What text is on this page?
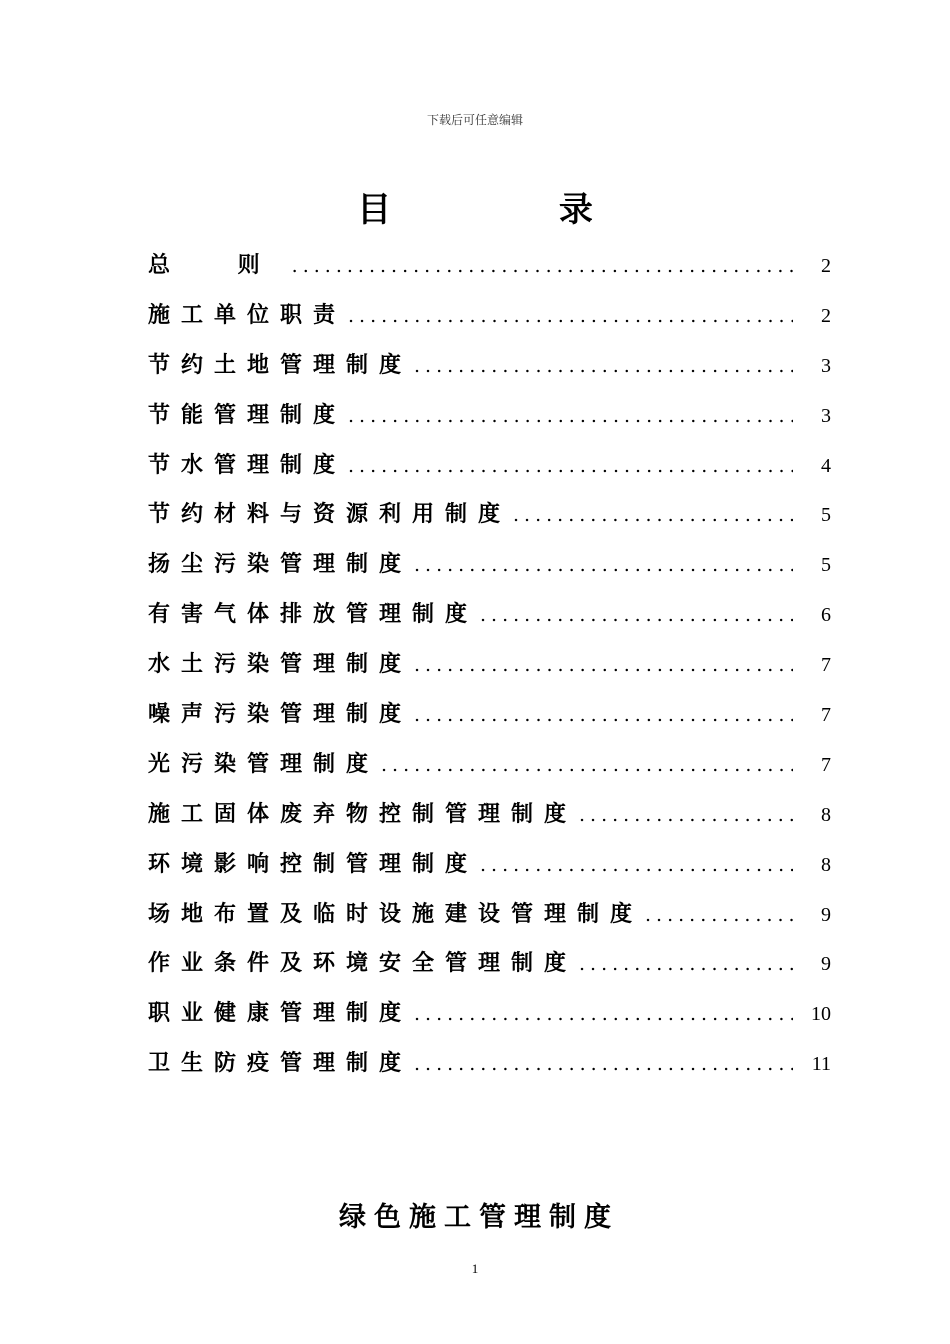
下载后可任意编辑
目 录
总 则 .....	2
施工单位职责 .....	2
节约土地管理制度 .....	3
节能管理制度 .....	3
节水管理制度 .....	4
节约材料与资源利用制度 .....	5
扬尘污染管理制度 .....	5
有害气体排放管理制度 .....	6
水土污染管理制度 .....	7
噪声污染管理制度 .....	7
光污染管理制度 .....	7
施工固体废弃物控制管理制度 .....	8
环境影响控制管理制度 .....	8
场地布置及临时设施建设管理制度 .....	9
作业条件及环境安全管理制度 .....	9
职业健康管理制度 .....	10
卫生防疫管理制度 .....	11
绿色施工管理制度
1
